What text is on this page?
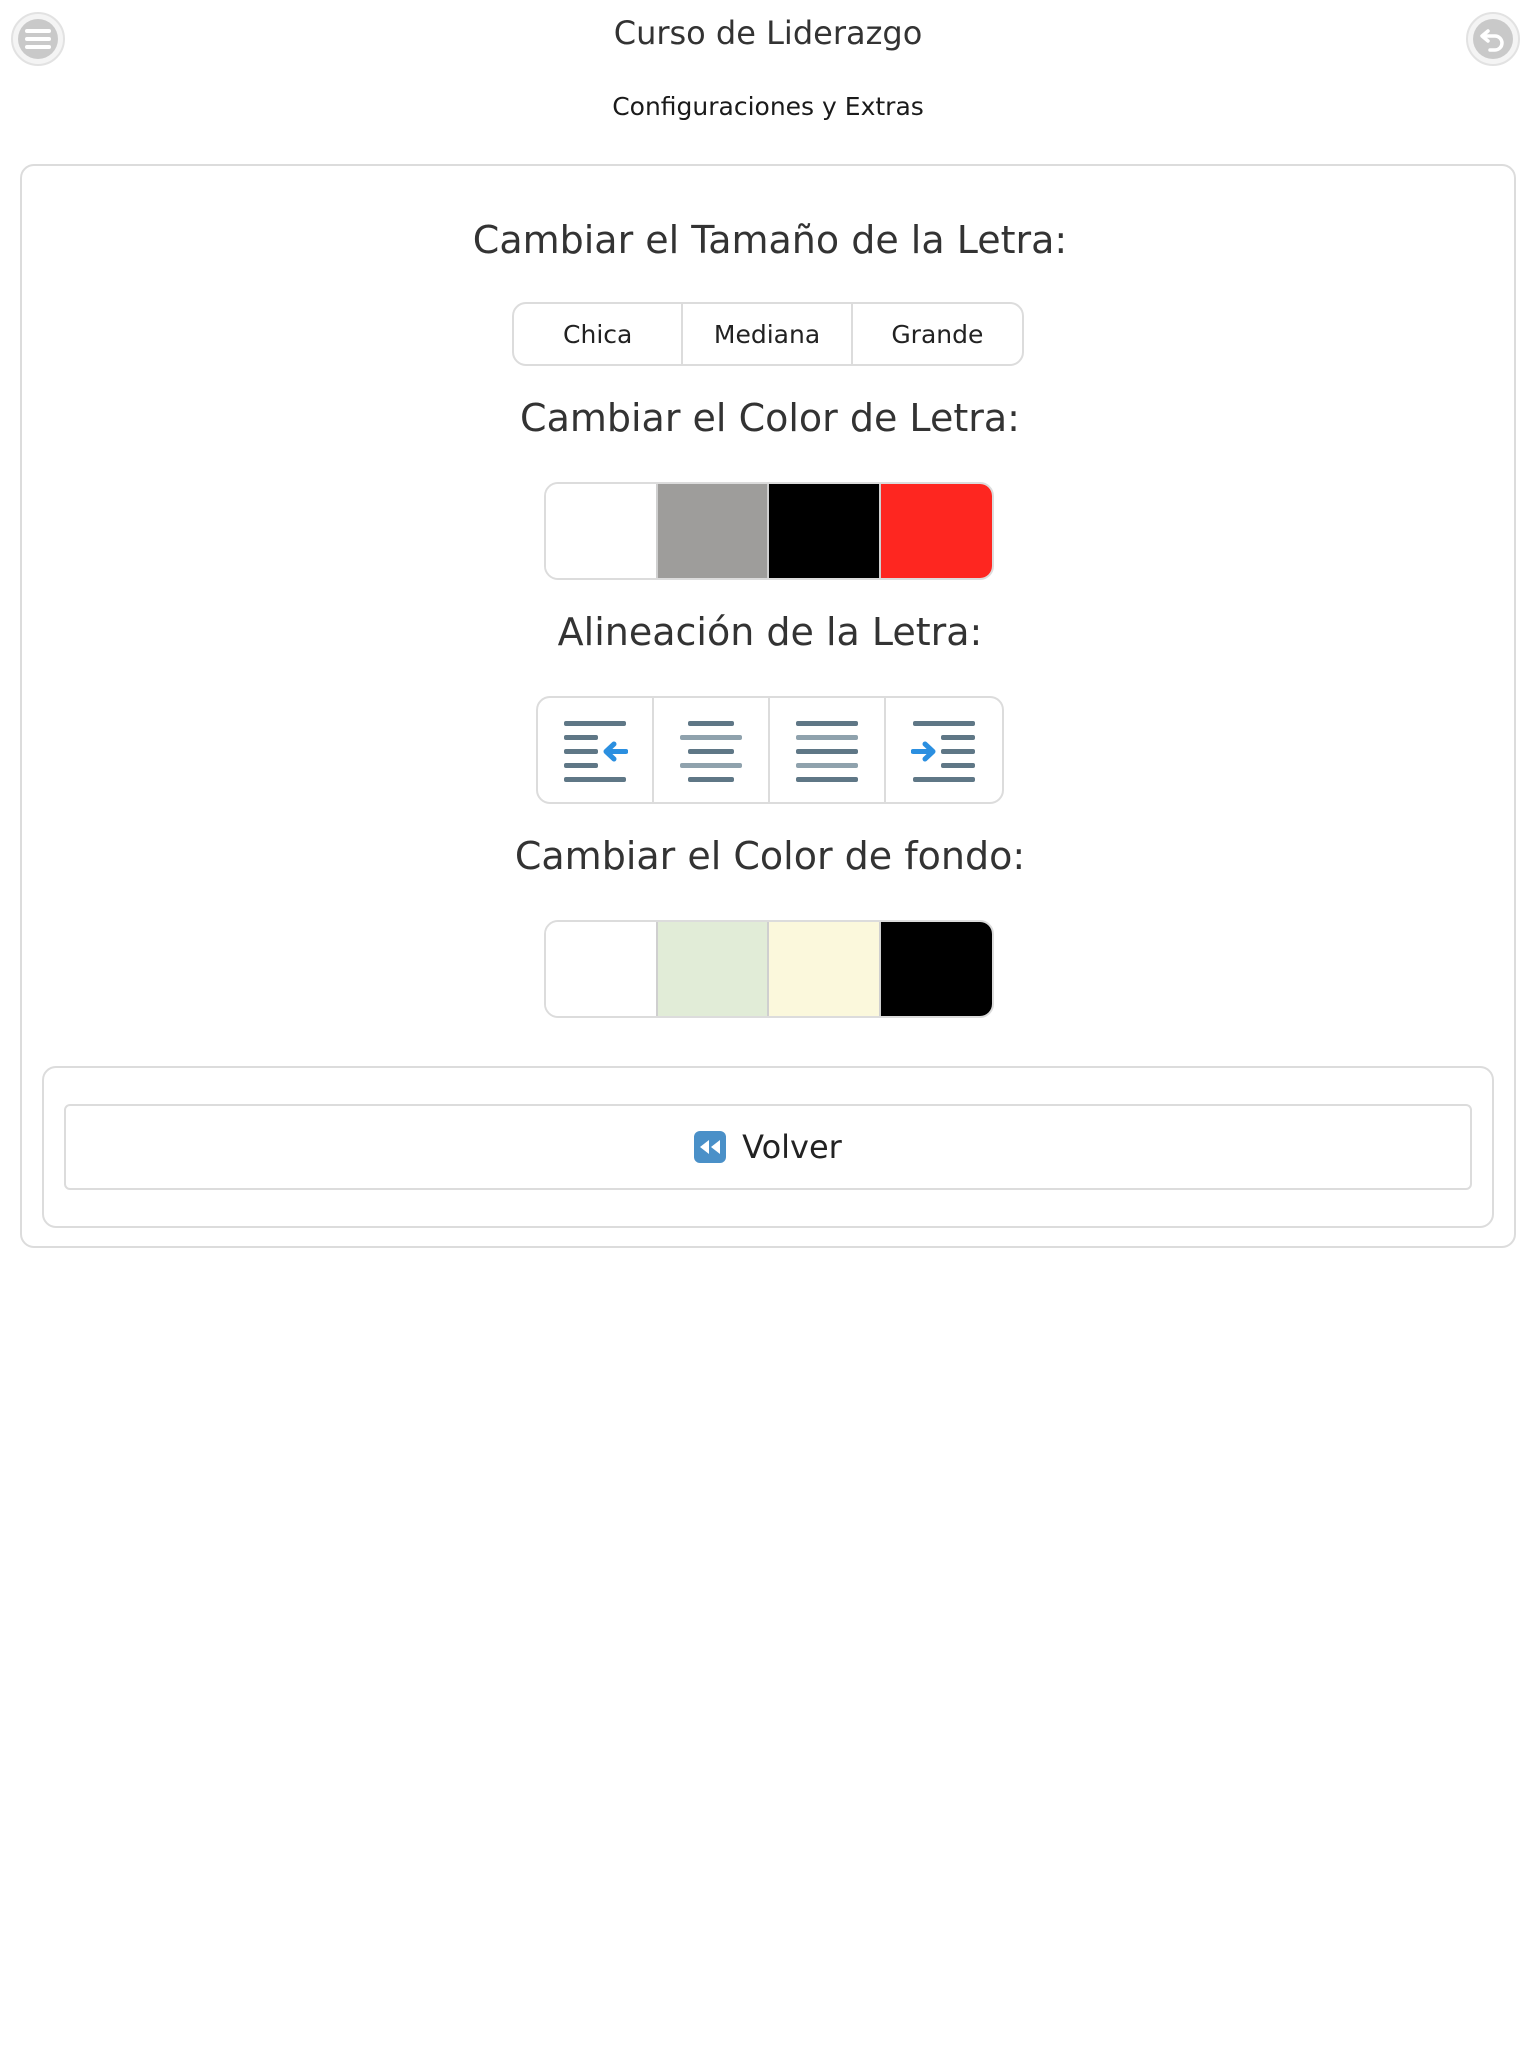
Curso de Liderazgo
Configuraciones y Extras
Cambiar el Tamaño de la Letra:
Chica	Mediana	Grande
Cambiar el Color de Letra:
Alineación de la Letra:
Cambiar el Color de fondo:
Volver
